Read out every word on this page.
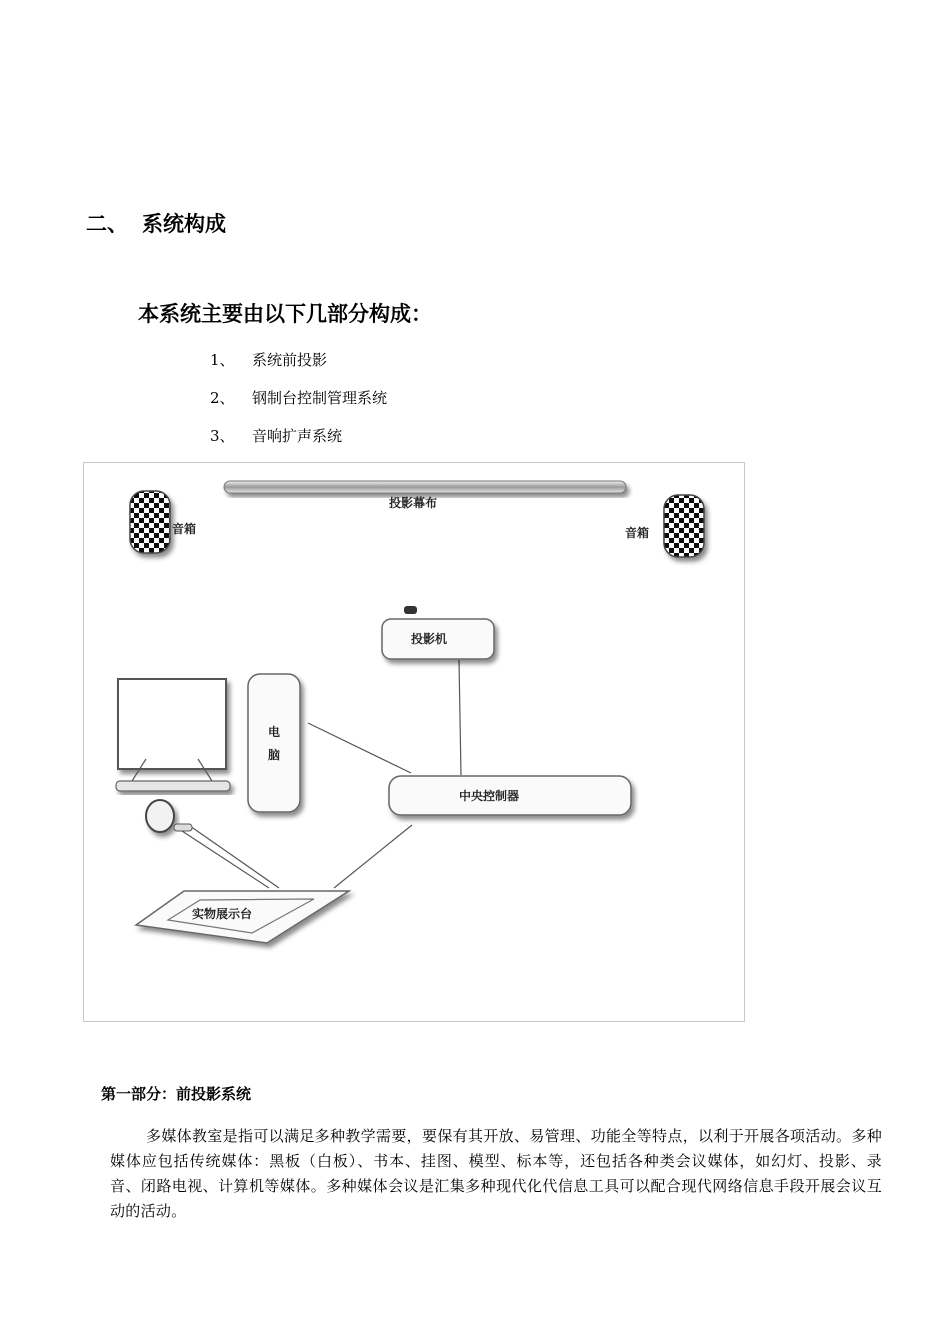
二、 系统构成
本系统主要由以下几部分构成：
1、 系统前投影
2、 钢制台控制管理系统
3、 音响扩声系统
投影幕布
音箱	音箱
投影机
电
脑
中央控制器
实物展示台
第一部分：前投影系统
多媒体教室是指可以满足多种教学需要，要保有其开放、易管理、功能全等特点，以利于开展各项活动。多种媒体应包括传统媒体：黑板（白板）、书本、挂图、模型、标本等，还包括各种类会议媒体，如幻灯、投影、录音、闭路电视、计算机等媒体。多种媒体会议是汇集多种现代化代信息工具可以配合现代网络信息手段开展会议互动的活动。
